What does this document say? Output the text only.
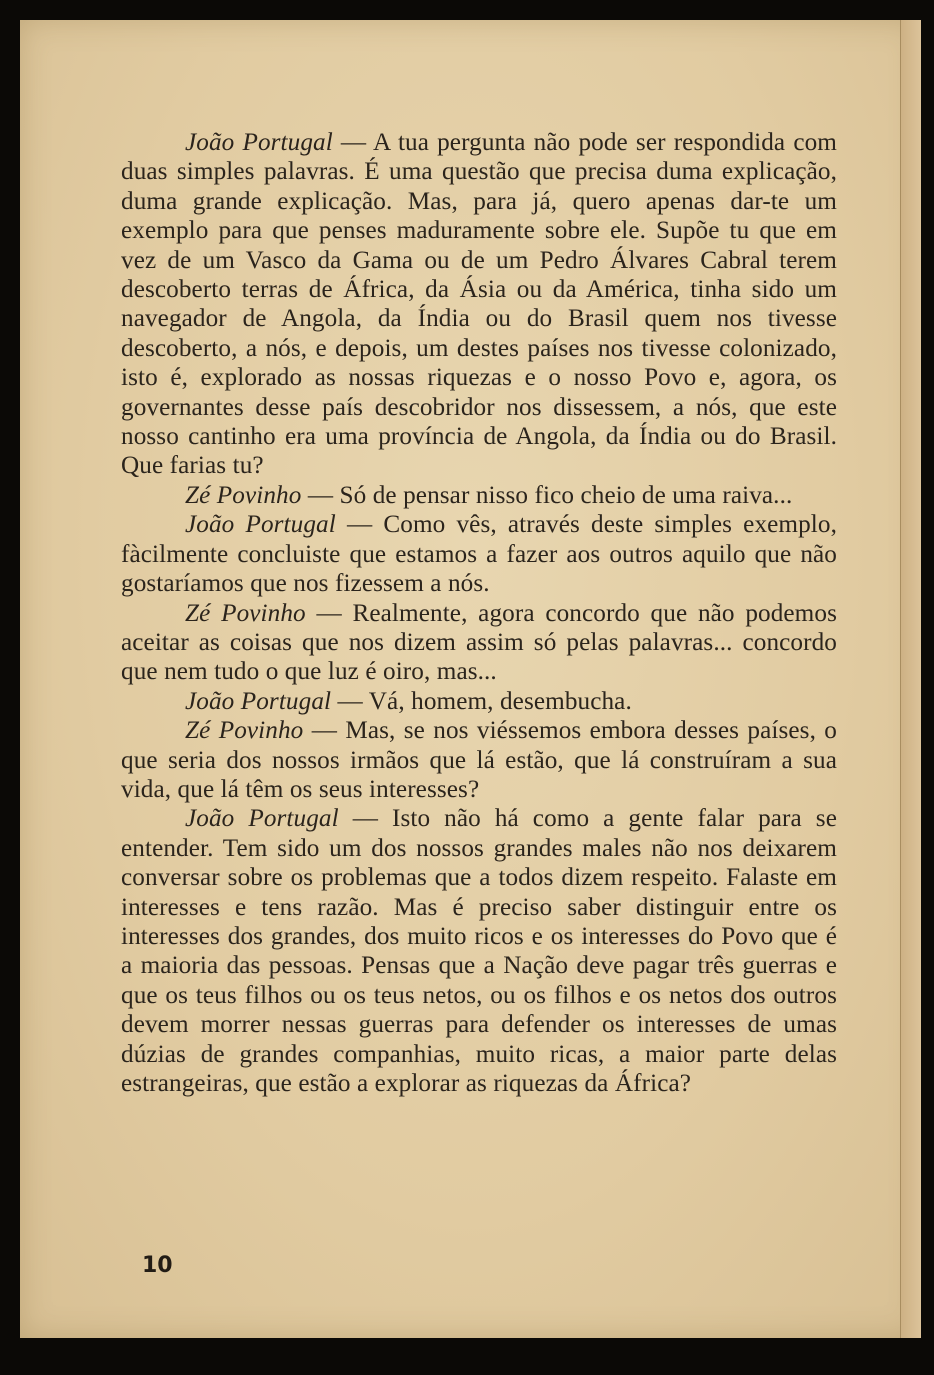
João Portugal — A tua pergunta não pode ser respondida com duas simples palavras. É uma questão que precisa duma explicação, duma grande explicação. Mas, para já, quero apenas dar-te um exemplo para que penses maduramente sobre ele. Supõe tu que em vez de um Vasco da Gama ou de um Pedro Álvares Cabral terem descoberto terras de África, da Ásia ou da América, tinha sido um navegador de Angola, da Índia ou do Brasil quem nos tivesse descoberto, a nós, e depois, um destes países nos tivesse colonizado, isto é, explorado as nossas riquezas e o nosso Povo e, agora, os governantes desse país descobridor nos dissessem, a nós, que este nosso cantinho era uma província de Angola, da Índia ou do Brasil. Que farias tu?

Zé Povinho — Só de pensar nisso fico cheio de uma raiva...

João Portugal — Como vês, através deste simples exemplo, fàcilmente concluiste que estamos a fazer aos outros aquilo que não gostaríamos que nos fizessem a nós.

Zé Povinho — Realmente, agora concordo que não podemos aceitar as coisas que nos dizem assim só pelas palavras... concordo que nem tudo o que luz é oiro, mas...

João Portugal — Vá, homem, desembucha.

Zé Povinho — Mas, se nos viéssemos embora desses países, o que seria dos nossos irmãos que lá estão, que lá construíram a sua vida, que lá têm os seus interesses?

João Portugal — Isto não há como a gente falar para se entender. Tem sido um dos nossos grandes males não nos deixarem conversar sobre os problemas que a todos dizem respeito. Falaste em interesses e tens razão. Mas é preciso saber distinguir entre os interesses dos grandes, dos muito ricos e os interesses do Povo que é a maioria das pessoas. Pensas que a Nação deve pagar três guerras e que os teus filhos ou os teus netos, ou os filhos e os netos dos outros devem morrer nessas guerras para defender os interesses de umas dúzias de grandes companhias, muito ricas, a maior parte delas estrangeiras, que estão a explorar as riquezas da África?

10
